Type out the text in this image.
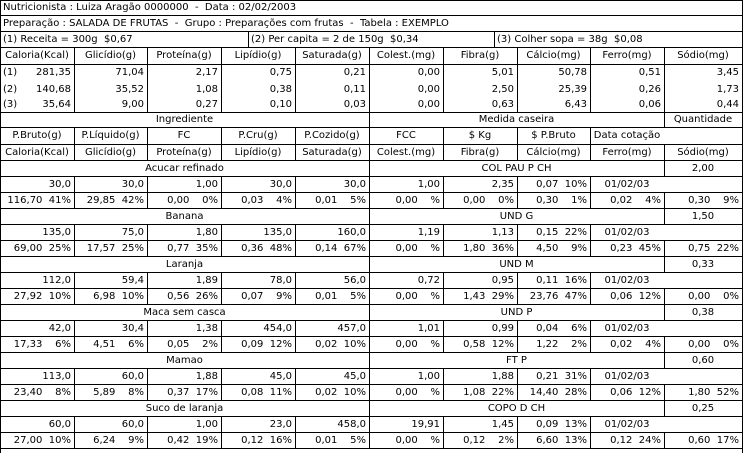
Nutricionista : Luiza Aragão 0000000  -  Data : 02/02/2003
Preparação : SALADA DE FRUTAS  -  Grupo : Preparações com frutas  -  Tabela : EXEMPLO
(1) Receita = 300g  $0,67	(2) Per capita = 2 de 150g  $0,34	(3) Colher sopa = 38g  $0,08
Caloria(Kcal)	Glicídio(g)	Proteína(g)	Lipídio(g)	Saturada(g)	Colest.(mg)	Fibra(g)	Cálcio(mg)	Ferro(mg)	Sódio(mg)
(1)	281,35	71,04	2,17	0,75	0,21	0,00	5,01	50,78	0,51	3,45
(2)	140,68	35,52	1,08	0,38	0,11	0,00	2,50	25,39	0,26	1,73
(3)	35,64	9,00	0,27	0,10	0,03	0,00	0,63	6,43	0,06	0,44
Ingrediente	Medida caseira	Quantidade
P.Bruto(g)	P.Líquido(g)	FC	P.Cru(g)	P.Cozido(g)	FCC	$ Kg	$ P.Bruto	Data cotação
Caloria(Kcal)	Glicídio(g)	Proteína(g)	Lipídio(g)	Saturada(g)	Colest.(mg)	Fibra(g)	Cálcio(mg)	Ferro(mg)	Sódio(mg)
Acucar refinado	COL PAU P CH	2,00
30,0	30,0	1,00	30,0	30,0	1,00	2,35	0,07  10%	01/02/03
116,70  41%	29,85  42%	0,00    0%	0,03    4%	0,01    5%	0,00    %	0,00    0%	0,30    1%	0,02    4%	0,30    9%
Banana	UND G	1,50
135,0	75,0	1,80	135,0	160,0	1,19	1,13	0,15  22%	01/02/03
69,00  25%	17,57  25%	0,77  35%	0,36  48%	0,14  67%	0,00    %	1,80  36%	4,50    9%	0,23  45%	0,75  22%
Laranja	UND M	0,33
112,0	59,4	1,89	78,0	56,0	0,72	0,95	0,11  16%	01/02/03
27,92  10%	6,98  10%	0,56  26%	0,07    9%	0,01    5%	0,00    %	1,43  29%	23,76  47%	0,06  12%	0,00    0%
Maca sem casca	UND P	0,38
42,0	30,4	1,38	454,0	457,0	1,01	0,99	0,04    6%	01/02/03
17,33    6%	4,51    6%	0,05    2%	0,09  12%	0,02  10%	0,00    %	0,58  12%	1,22    2%	0,02    4%	0,00    0%
Mamao	FT P	0,60
113,0	60,0	1,88	45,0	45,0	1,00	1,88	0,21  31%	01/02/03
23,40    8%	5,89    8%	0,37  17%	0,08  11%	0,02  10%	0,00    %	1,08  22%	14,40  28%	0,06  12%	1,80  52%
Suco de laranja	COPO D CH	0,25
60,0	60,0	1,00	23,0	458,0	19,91	1,45	0,09  13%	01/02/03
27,00  10%	6,24    9%	0,42  19%	0,12  16%	0,01    5%	0,00    %	0,12    2%	6,60  13%	0,12  24%	0,60  17%
